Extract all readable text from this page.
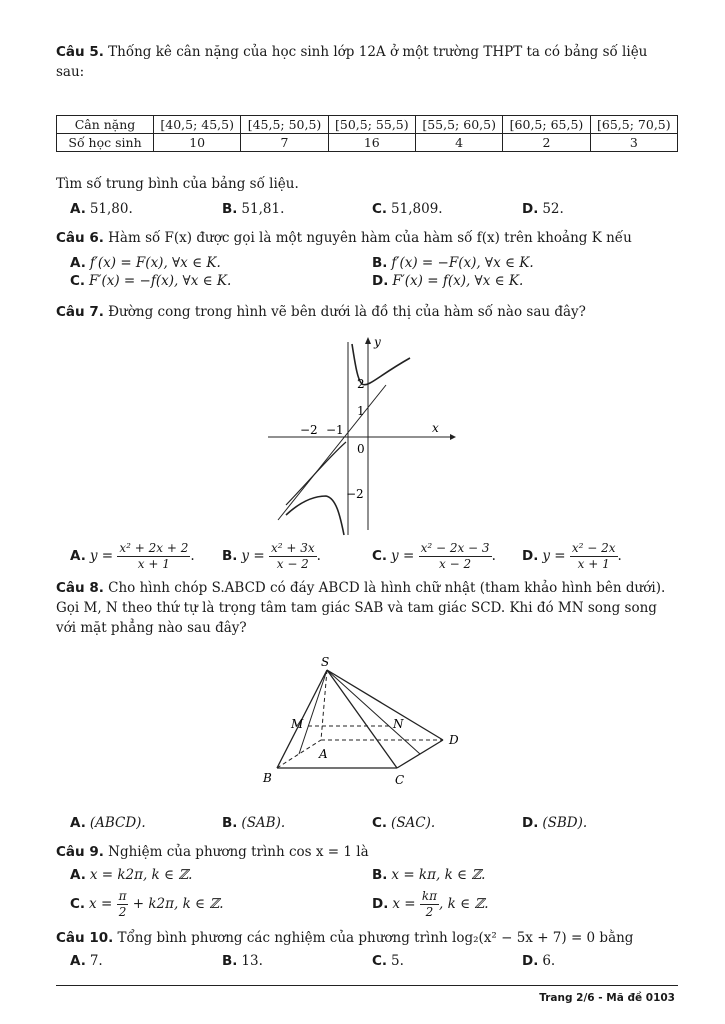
Câu 5. Thống kê cân nặng của học sinh lớp 12A ở một trường THPT ta có bảng số liệu sau:
Cân nặng	[40,5; 45,5)	[45,5; 50,5)	[50,5; 55,5)	[55,5; 60,5)	[60,5; 65,5)	[65,5; 70,5)
Số học sinh	10	7	16	4	2	3
Tìm số trung bình của bảng số liệu.
A. 51,80.	B. 51,81.	C. 51,809.	D. 52.
Câu 6. Hàm số F(x) được gọi là một nguyên hàm của hàm số f(x) trên khoảng K nếu
A. f′(x) = F(x), ∀x ∈ K.	B. f′(x) = −F(x), ∀x ∈ K.
C. F′(x) = −f(x), ∀x ∈ K.	D. F′(x) = f(x), ∀x ∈ K.
Câu 7. Đường cong trong hình vẽ bên dưới là đồ thị của hàm số nào sau đây?
y
x
0
2
1
−2 −1
−2
A. $y = \frac{\text{x² + 2x + 2}}{x + 1}$ . B. $y = \frac{\text{x² + 3x}}{x - 2}$ .	C. $y = \frac{\text{x² − 2x − 3}}{x - 2}$ . D. $y = \frac{\text{x² − 2x}}{x + 1}$ .
Câu 8. Cho hình chóp S.ABCD có đáy ABCD là hình chữ nhật (tham khảo hình bên dưới). Gọi M, N theo thứ tự là trọng tâm tam giác SAB và tam giác SCD. Khi đó MN song song với mặt phẳng nào sau đây?
S
M	N
A
B	C
D
A. (ABCD).	B. (SAB).	C. (SAC).	D. (SBD).
Câu 9. Nghiệm của phương trình cos x = 1 là
A. x = k2π, k ∈ ℤ.	B. x = kπ, k ∈ ℤ.
C. $x = \frac{\pi}{2} + k2\pi$, k ∈ ℤ.	D. $x = \frac{k\pi}{2}$ , k ∈ ℤ.
Câu 10. Tổng bình phương các nghiệm của phương trình log₂(x² − 5x + 7) = 0 bằng
A. 7.	B. 13.	C. 5.	D. 6.
Trang 2/6 - Mã đề 0103
